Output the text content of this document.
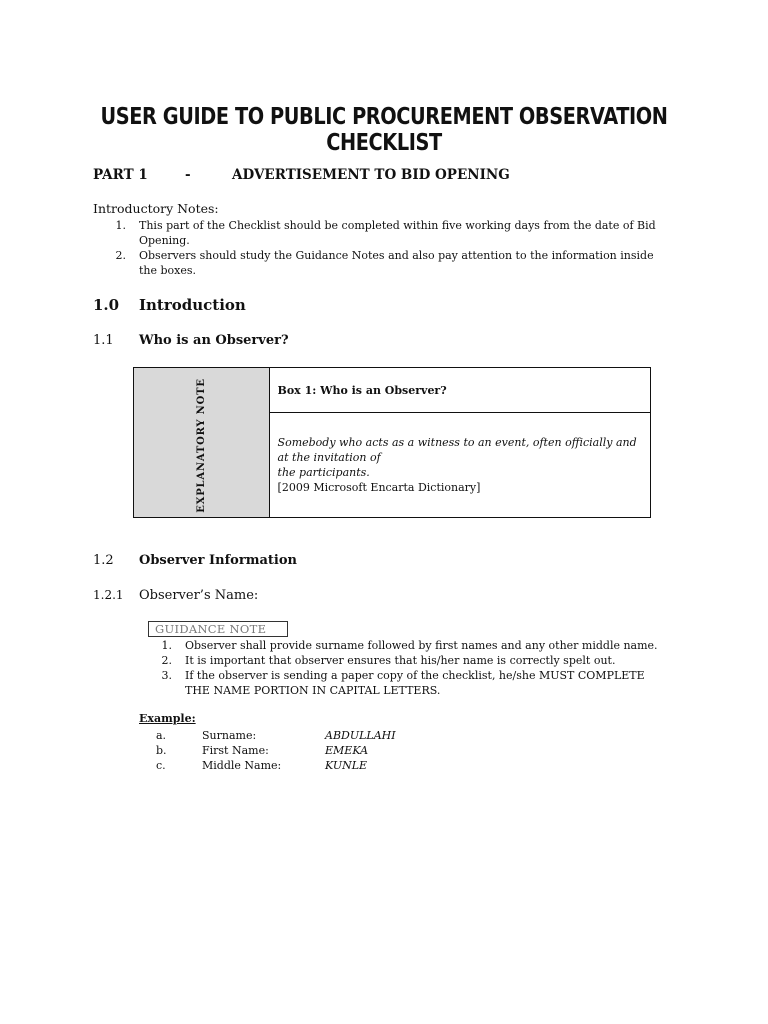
USER GUIDE TO PUBLIC PROCUREMENT OBSERVATION CHECKLIST
PART 1	-	ADVERTISEMENT TO BID OPENING
Introductory Notes:
1. This part of the Checklist should be completed within five working days from the date of Bid
Opening.
2. Observers should study the Guidance Notes and also pay attention to the information inside
the boxes.
1.0 Introduction
1.1 Who is an Observer?
EXPLANATORY NOTE	Box 1: Who is an Observer?

Somebody who acts as a witness to an event, often officially and at the invitation of
the participants.
[2009 Microsoft Encarta Dictionary]
1.2 Observer Information
1.2.1 Observer’s Name:
GUIDANCE NOTE
1. Observer shall provide surname followed by first names and any other middle name.
2. It is important that observer ensures that his/her name is correctly spelt out.
3. If the observer is sending a paper copy of the checklist, he/she MUST COMPLETE
THE NAME PORTION IN CAPITAL LETTERS.
Example:
a.	Surname:	ABDULLAHI
b.	First Name:	EMEKA
c.	Middle Name:	KUNLE
